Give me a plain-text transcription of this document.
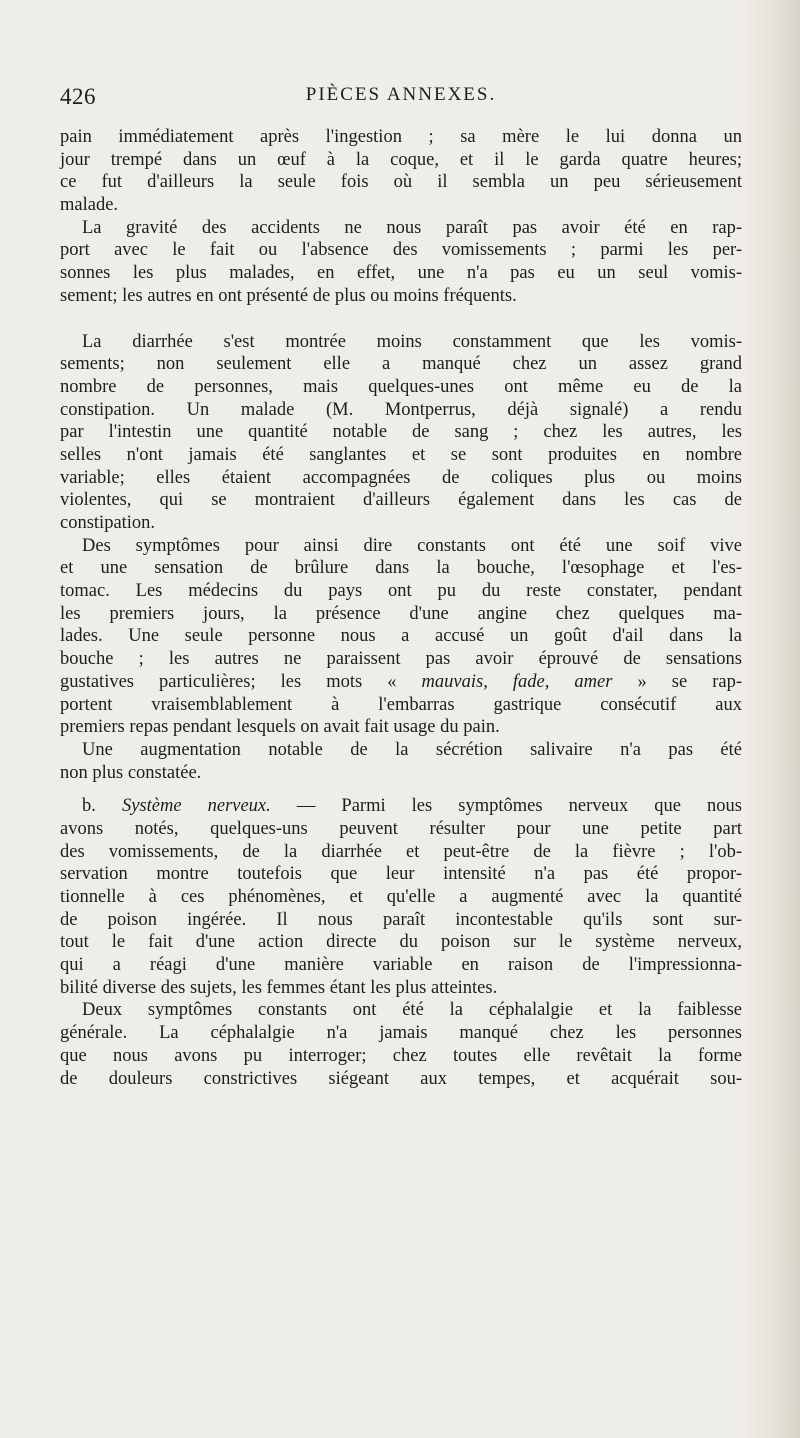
426	PIÈCES ANNEXES.
pain immédiatement après l'ingestion ; sa mère le lui donna un
jour trempé dans un œuf à la coque, et il le garda quatre heures;
ce fut d'ailleurs la seule fois où il sembla un peu sérieusement
malade.
La gravité des accidents ne nous paraît pas avoir été en rap-
port avec le fait ou l'absence des vomissements ; parmi les per-
sonnes les plus malades, en effet, une n'a pas eu un seul vomis-
sement; les autres en ont présenté de plus ou moins fréquents.
La diarrhée s'est montrée moins constamment que les vomis-
sements; non seulement elle a manqué chez un assez grand
nombre de personnes, mais quelques-unes ont même eu de la
constipation. Un malade (M. Montperrus, déjà signalé) a rendu
par l'intestin une quantité notable de sang ; chez les autres, les
selles n'ont jamais été sanglantes et se sont produites en nombre
variable; elles étaient accompagnées de coliques plus ou moins
violentes, qui se montraient d'ailleurs également dans les cas de
constipation.
Des symptômes pour ainsi dire constants ont été une soif vive
et une sensation de brûlure dans la bouche, l'œsophage et l'es-
tomac. Les médecins du pays ont pu du reste constater, pendant
les premiers jours, la présence d'une angine chez quelques ma-
lades. Une seule personne nous a accusé un goût d'ail dans la
bouche ; les autres ne paraissent pas avoir éprouvé de sensations
gustatives particulières; les mots « mauvais, fade, amer » se rap-
portent vraisemblablement à l'embarras gastrique consécutif aux
premiers repas pendant lesquels on avait fait usage du pain.
Une augmentation notable de la sécrétion salivaire n'a pas été
non plus constatée.
b. Système nerveux. — Parmi les symptômes nerveux que nous
avons notés, quelques-uns peuvent résulter pour une petite part
des vomissements, de la diarrhée et peut-être de la fièvre ; l'ob-
servation montre toutefois que leur intensité n'a pas été propor-
tionnelle à ces phénomènes, et qu'elle a augmenté avec la quantité
de poison ingérée. Il nous paraît incontestable qu'ils sont sur-
tout le fait d'une action directe du poison sur le système nerveux,
qui a réagi d'une manière variable en raison de l'impressionna-
bilité diverse des sujets, les femmes étant les plus atteintes.
Deux symptômes constants ont été la céphalalgie et la faiblesse
générale. La céphalalgie n'a jamais manqué chez les personnes
que nous avons pu interroger; chez toutes elle revêtait la forme
de douleurs constrictives siégeant aux tempes, et acquérait sou-
